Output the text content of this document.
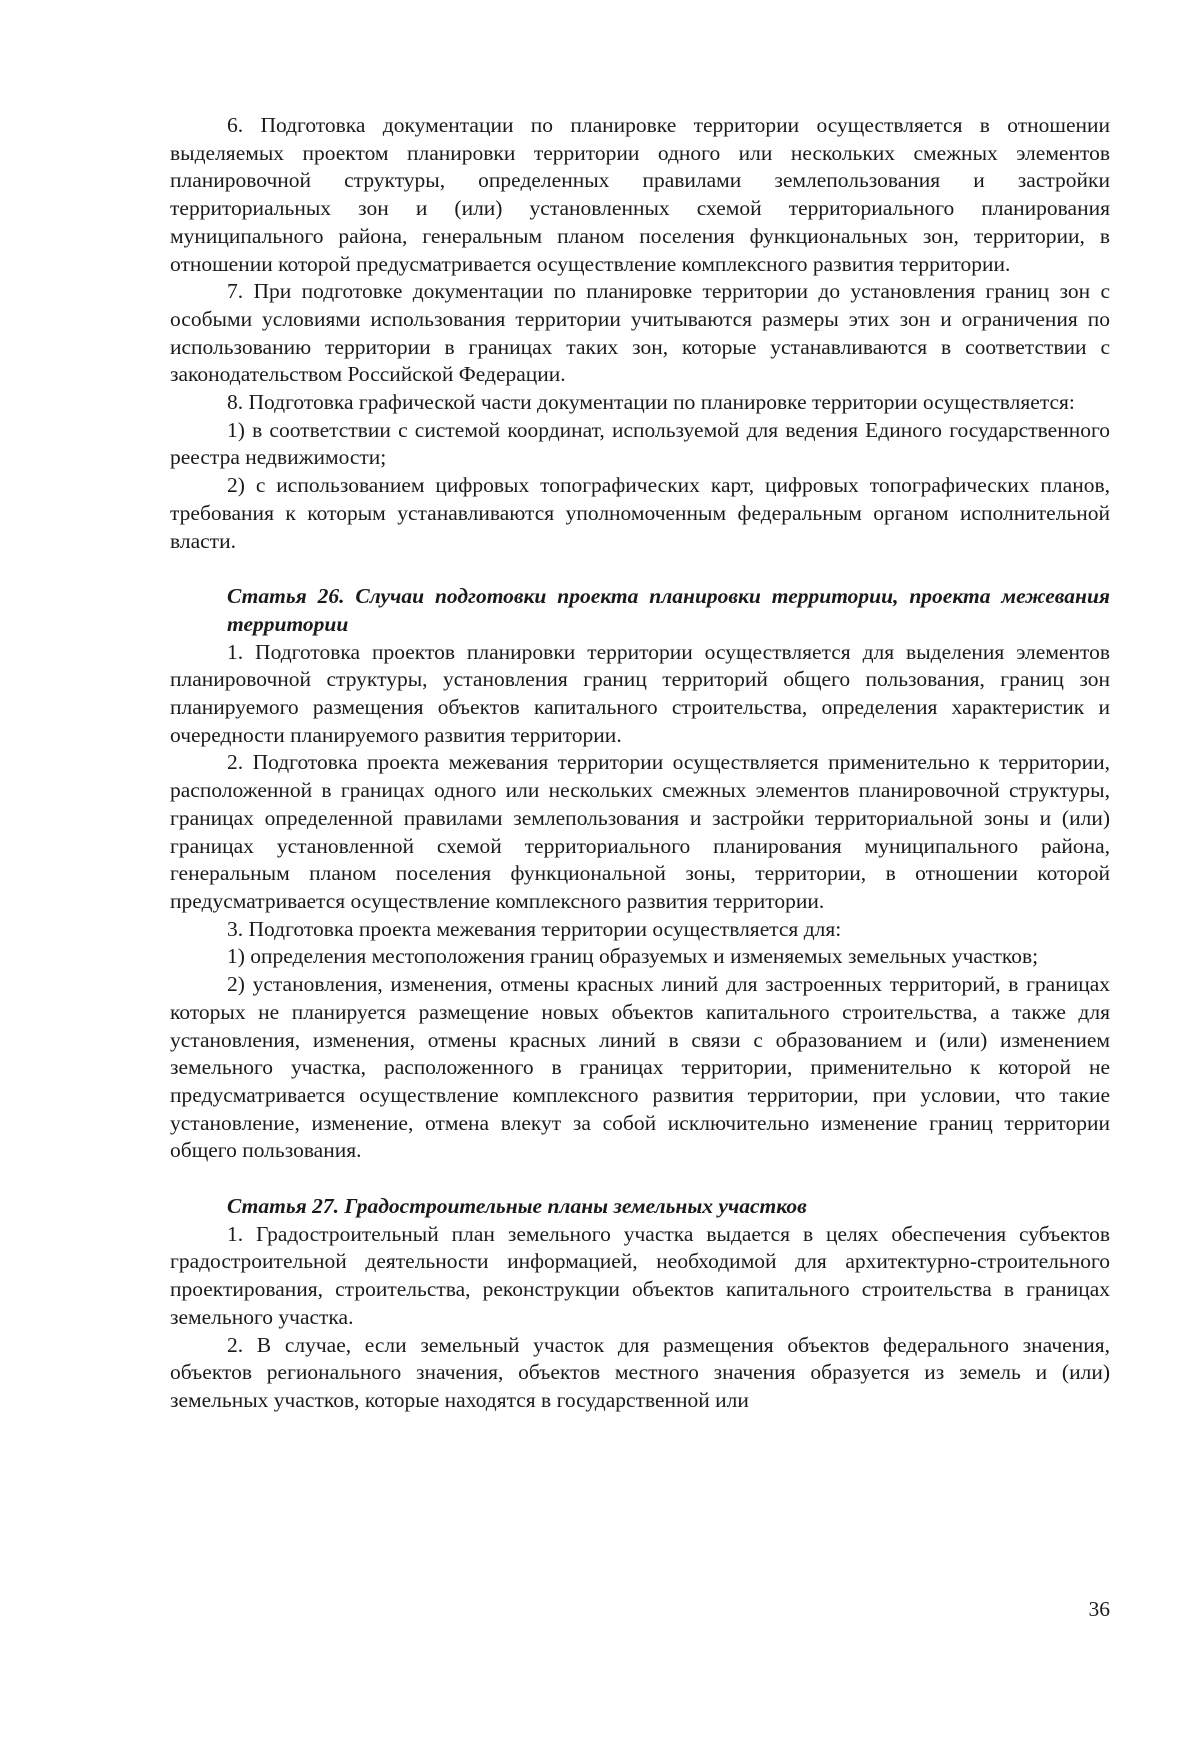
6. Подготовка документации по планировке территории осуществляется в отношении выделяемых проектом планировки территории одного или нескольких смежных элементов планировочной структуры, определенных правилами землепользования и застройки территориальных зон и (или) установленных схемой территориального планирования муниципального района, генеральным планом поселения функциональных зон, территории, в отношении которой предусматривается осуществление комплексного развития территории.

7. При подготовке документации по планировке территории до установления границ зон с особыми условиями использования территории учитываются размеры этих зон и ограничения по использованию территории в границах таких зон, которые устанавливаются в соответствии с законодательством Российской Федерации.

8. Подготовка графической части документации по планировке территории осуществляется:

1) в соответствии с системой координат, используемой для ведения Единого государственного реестра недвижимости;

2) с использованием цифровых топографических карт, цифровых топографических планов, требования к которым устанавливаются уполномоченным федеральным органом исполнительной власти.

Статья 26. Случаи подготовки проекта планировки территории, проекта межевания территории

1. Подготовка проектов планировки территории осуществляется для выделения элементов планировочной структуры, установления границ территорий общего пользования, границ зон планируемого размещения объектов капитального строительства, определения характеристик и очередности планируемого развития территории.

2. Подготовка проекта межевания территории осуществляется применительно к территории, расположенной в границах одного или нескольких смежных элементов планировочной структуры, границах определенной правилами землепользования и застройки территориальной зоны и (или) границах установленной схемой территориального планирования муниципального района, генеральным планом поселения функциональной зоны, территории, в отношении которой предусматривается осуществление комплексного развития территории.

3. Подготовка проекта межевания территории осуществляется для:

1) определения местоположения границ образуемых и изменяемых земельных участков;

2) установления, изменения, отмены красных линий для застроенных территорий, в границах которых не планируется размещение новых объектов капитального строительства, а также для установления, изменения, отмены красных линий в связи с образованием и (или) изменением земельного участка, расположенного в границах территории, применительно к которой не предусматривается осуществление комплексного развития территории, при условии, что такие установление, изменение, отмена влекут за собой исключительно изменение границ территории общего пользования.

Статья 27. Градостроительные планы земельных участков

1. Градостроительный план земельного участка выдается в целях обеспечения субъектов градостроительной деятельности информацией, необходимой для архитектурно-строительного проектирования, строительства, реконструкции объектов капитального строительства в границах земельного участка.

2. В случае, если земельный участок для размещения объектов федерального значения, объектов регионального значения, объектов местного значения образуется из земель и (или) земельных участков, которые находятся в государственной или

36
